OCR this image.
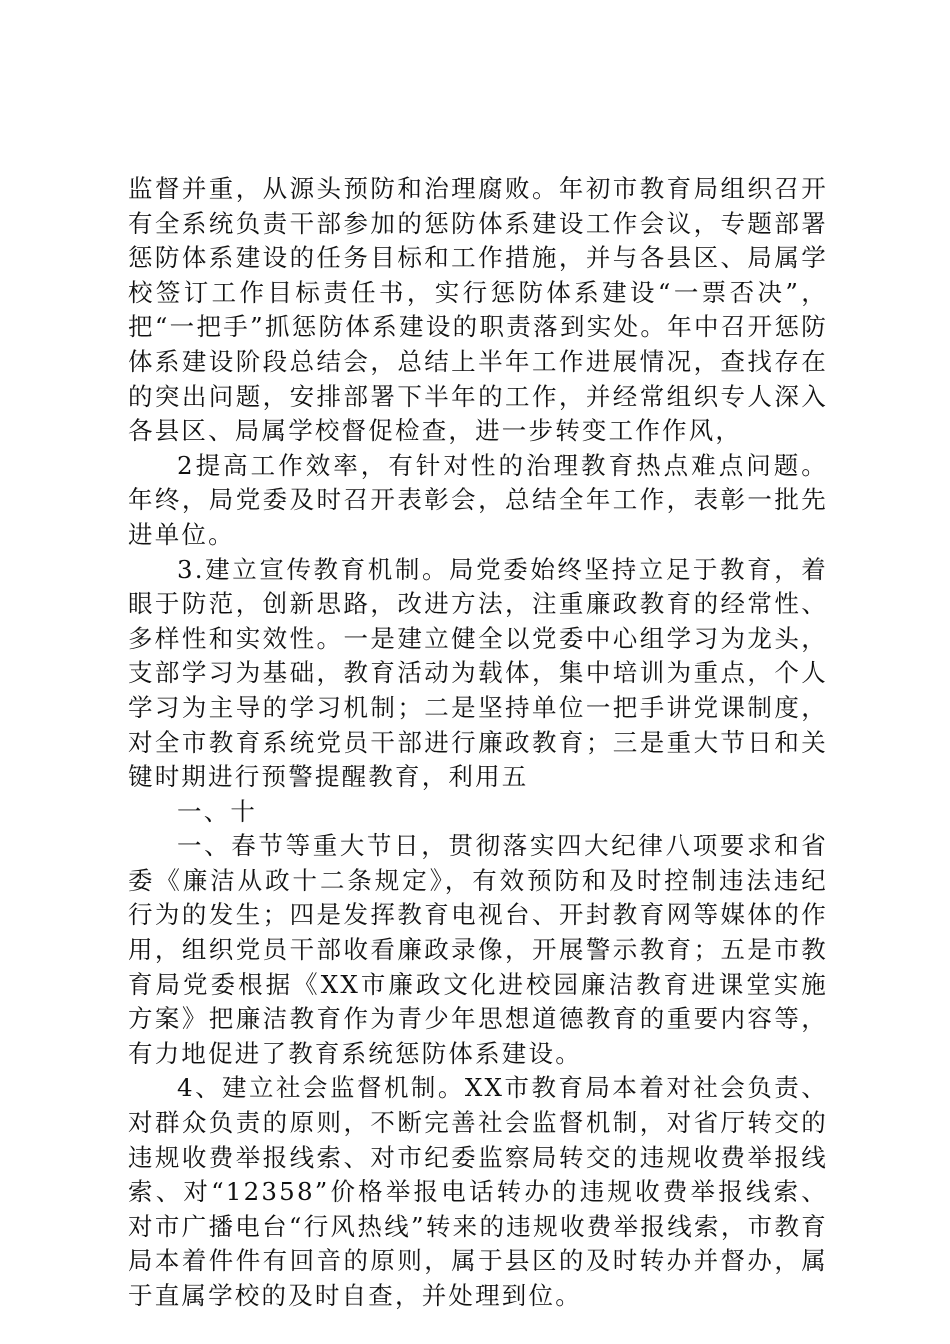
监督并重，从源头预防和治理腐败。年初市教育局组织召开有全系统负责干部参加的惩防体系建设工作会议，专题部署惩防体系建设的任务目标和工作措施，并与各县区、局属学校签订工作目标责任书，实行惩防体系建设“一票否决”，把“一把手”抓惩防体系建设的职责落到实处。年中召开惩防体系建设阶段总结会，总结上半年工作进展情况，查找存在的突出问题，安排部署下半年的工作，并经常组织专人深入各县区、局属学校督促检查，进一步转变工作作风，

2提高工作效率，有针对性的治理教育热点难点问题。年终，局党委及时召开表彰会，总结全年工作，表彰一批先进单位。

3.建立宣传教育机制。局党委始终坚持立足于教育，着眼于防范，创新思路，改进方法，注重廉政教育的经常性、多样性和实效性。一是建立健全以党委中心组学习为龙头，支部学习为基础，教育活动为载体，集中培训为重点，个人学习为主导的学习机制；二是坚持单位一把手讲党课制度，对全市教育系统党员干部进行廉政教育；三是重大节日和关键时期进行预警提醒教育，利用五

一、十

一、春节等重大节日，贯彻落实四大纪律八项要求和省委《廉洁从政十二条规定》，有效预防和及时控制违法违纪行为的发生；四是发挥教育电视台、开封教育网等媒体的作用，组织党员干部收看廉政录像，开展警示教育；五是市教育局党委根据《XX市廉政文化进校园廉洁教育进课堂实施方案》把廉洁教育作为青少年思想道德教育的重要内容等，有力地促进了教育系统惩防体系建设。

4、建立社会监督机制。XX市教育局本着对社会负责、对群众负责的原则，不断完善社会监督机制，对省厅转交的违规收费举报线索、对市纪委监察局转交的违规收费举报线索、对“12358”价格举报电话转办的违规收费举报线索、对市广播电台“行风热线”转来的违规收费举报线索，市教育局本着件件有回音的原则，属于县区的及时转办并督办，属于直属学校的及时自查，并处理到位。
